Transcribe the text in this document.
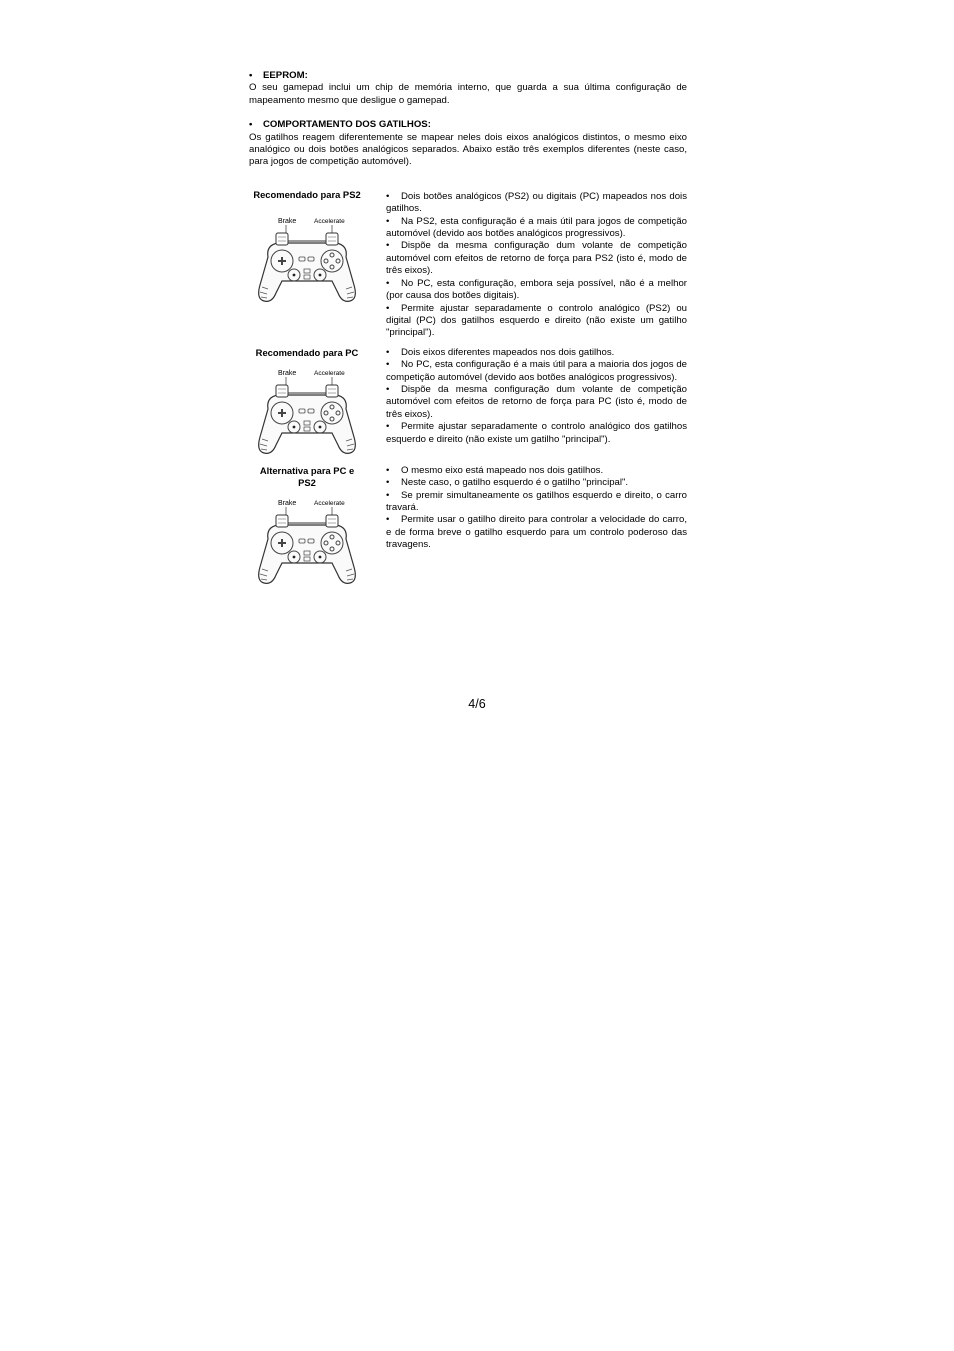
•	EEPROM:
O seu gamepad inclui um chip de memória interno, que guarda a sua última configuração de mapeamento mesmo que desligue o gamepad.
•	COMPORTAMENTO DOS GATILHOS:
Os gatilhos reagem diferentemente se mapear neles dois eixos analógicos distintos, o mesmo eixo analógico ou dois botões analógicos separados. Abaixo estão três exemplos diferentes (neste caso, para jogos de competição automóvel).
Recomendado para PS2
Brake	Accelerate
• Dois botões analógicos (PS2) ou digitais (PC) mapeados nos dois gatilhos.
• Na PS2, esta configuração é a mais útil para jogos de competição automóvel (devido aos botões analógicos progressivos).
• Dispõe da mesma configuração dum volante de competição automóvel com efeitos de retorno de força para PS2 (isto é, modo de três eixos).
• No PC, esta configuração, embora seja possível, não é a melhor (por causa dos botões digitais).
• Permite ajustar separadamente o controlo analógico (PS2) ou digital (PC) dos gatilhos esquerdo e direito (não existe um gatilho "principal").
Recomendado para PC
Brake	Accelerate
• Dois eixos diferentes mapeados nos dois gatilhos.
• No PC, esta configuração é a mais útil para a maioria dos jogos de competição automóvel (devido aos botões analógicos progressivos).
• Dispõe da mesma configuração dum volante de competição automóvel com efeitos de retorno de força para PC (isto é, modo de três eixos).
• Permite ajustar separadamente o controlo analógico dos gatilhos esquerdo e direito (não existe um gatilho "principal").
Alternativa para PC e PS2
Brake	Accelerate
• O mesmo eixo está mapeado nos dois gatilhos.
• Neste caso, o gatilho esquerdo é o gatilho "principal".
• Se premir simultaneamente os gatilhos esquerdo e direito, o carro travará.
• Permite usar o gatilho direito para controlar a velocidade do carro, e de forma breve o gatilho esquerdo para um controlo poderoso das travagens.
4/6
